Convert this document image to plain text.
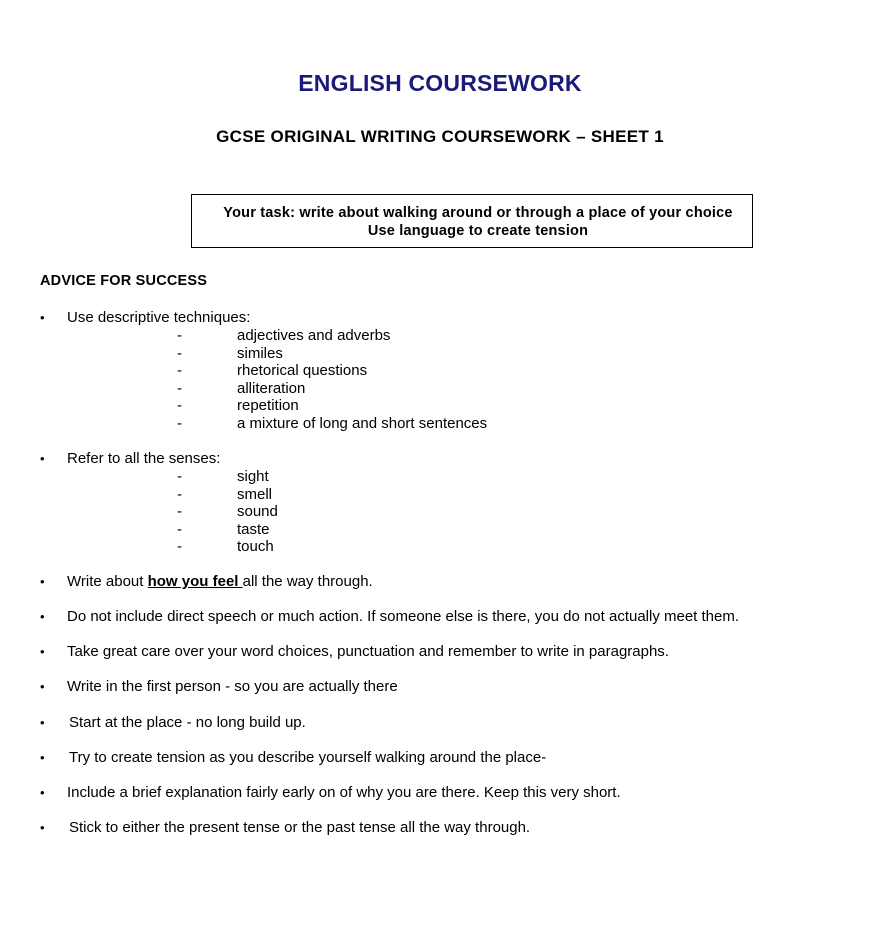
ENGLISH COURSEWORK
GCSE ORIGINAL WRITING COURSEWORK – SHEET 1
Your task: write about walking around or through a place of your choice
Use language to create tension
ADVICE FOR SUCCESS
• Use descriptive techniques:
-	adjectives and adverbs
-	similes
-	rhetorical questions
-	alliteration
-	repetition
-	a mixture of long and short sentences
• Refer to all the senses:
-	sight
-	smell
-	sound
-	taste
-	touch
• Write about how you feel all the way through.
• Do not include direct speech or much action. If someone else is there, you do not actually meet them.
• Take great care over your word choices, punctuation and remember to write in paragraphs.
• Write in the first person - so you are actually there
• Start at the place - no long build up.
• Try to create tension as you describe yourself walking around the place-
• Include a brief explanation fairly early on of why you are there. Keep this very short.
• Stick to either the present tense or the past tense all the way through.
